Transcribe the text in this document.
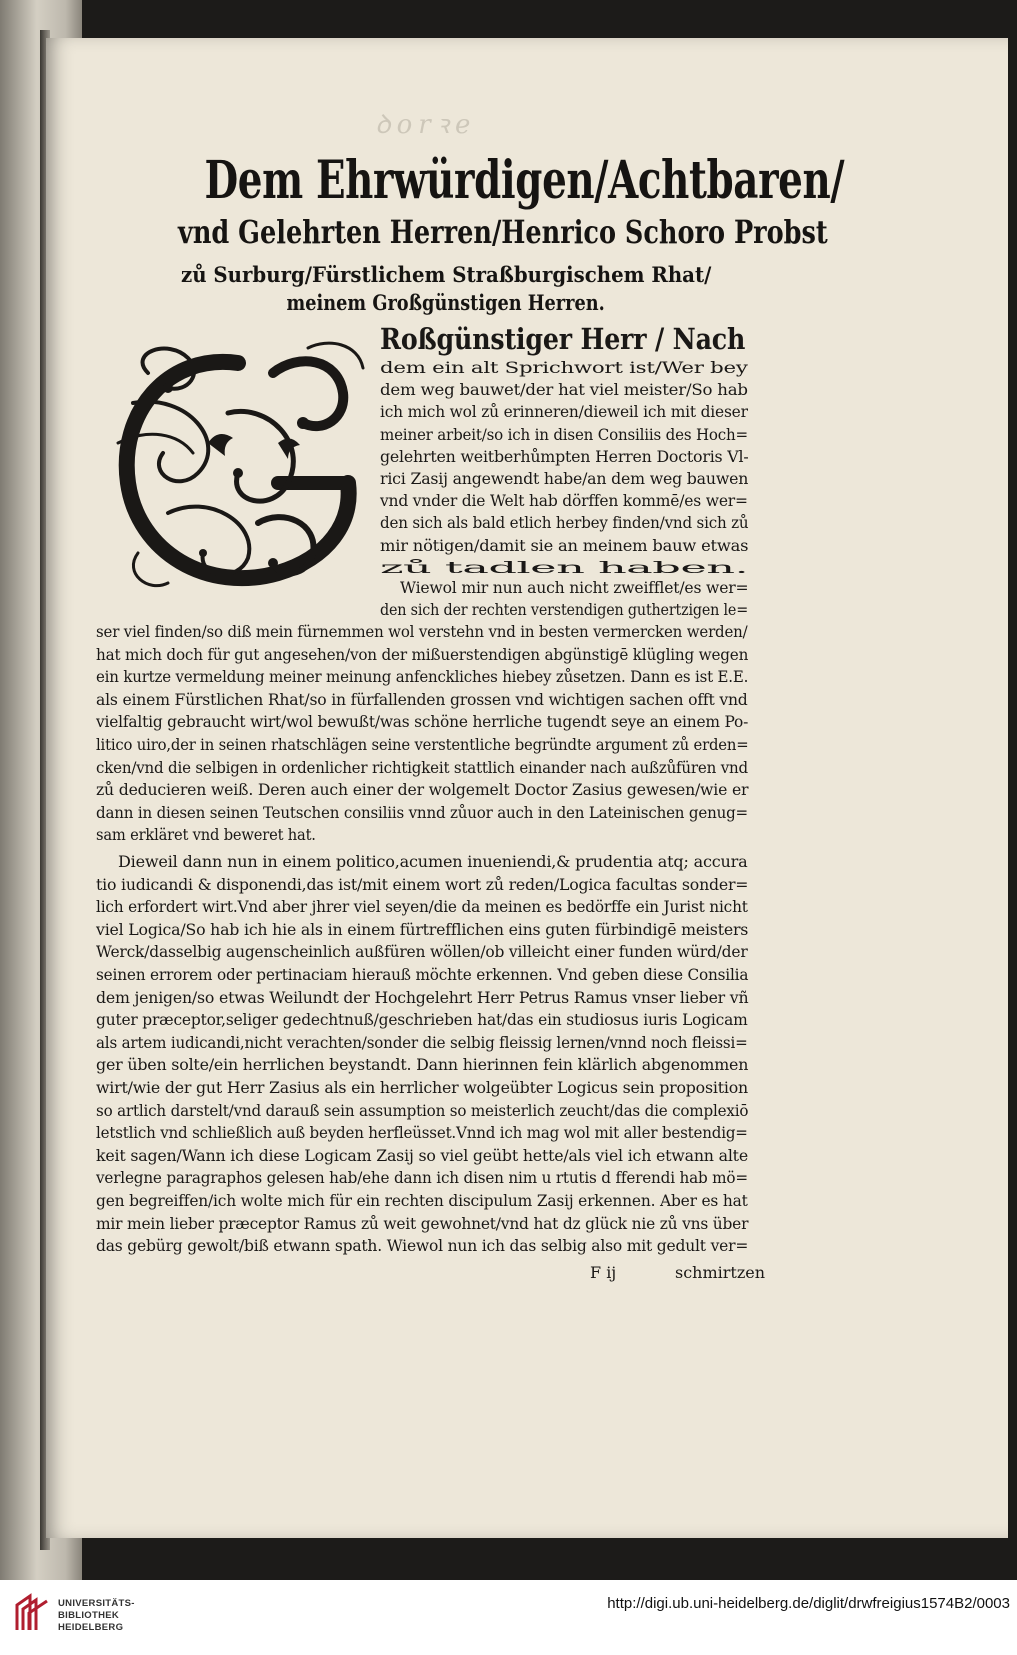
ꝺorꝛe
Dem Ehrwürdigen/Achtbaren/
vnd Gelehrten Herren/Henrico Schoro Probst
zů Surburg/Fürstlichem Straßburgischem Rhat/
meinem Großgünstigen Herren.
Roßgünstiger Herr / Nach
dem ein alt Sprichwort ist/Wer bey
dem weg bauwet/der hat viel meister/So hab
ich mich wol zů erinneren/dieweil ich mit dieser
meiner arbeit/so ich in disen Consiliis des Hoch=
gelehrten weitberhůmpten Herren Doctoris Vl-
rici Zasij angewendt habe/an dem weg bauwen
vnd vnder die Welt hab dörffen kommē/es wer=
den sich als bald etlich herbey finden/vnd sich zů
mir nötigen/damit sie an meinem bauw etwas
zů tadlen haben.
Wiewol mir nun auch nicht zweifflet/es wer=
den sich der rechten verstendigen guthertzigen le=
ser viel finden/so diß mein fürnemmen wol verstehn vnd in besten vermercken werden/
hat mich doch für gut angesehen/von der mißuerstendigen abgünstigē klügling wegen
ein kurtze vermeldung meiner meinung anfenckliches hiebey zůsetzen. Dann es ist E.E.
als einem Fürstlichen Rhat/so in fürfallenden grossen vnd wichtigen sachen offt vnd
vielfaltig gebraucht wirt/wol bewußt/was schöne herrliche tugendt seye an einem Po-
litico uiro,der in seinen rhatschlägen seine verstentliche begründte argument zů erden=
cken/vnd die selbigen in ordenlicher richtigkeit stattlich einander nach außzůfüren vnd
zů deducieren weiß. Deren auch einer der wolgemelt Doctor Zasius gewesen/wie er
dann in diesen seinen Teutschen consiliis vnnd zůuor auch in den Lateinischen genug=
sam erkläret vnd beweret hat.
Dieweil dann nun in einem politico,acumen inueniendi,& prudentia atq; accura
tio iudicandi & disponendi,das ist/mit einem wort zů reden/Logica facultas sonder=
lich erfordert wirt.Vnd aber jhrer viel seyen/die da meinen es bedörffe ein Jurist nicht
viel Logica/So hab ich hie als in einem fürtrefflichen eins guten fürbindigē meisters
Werck/dasselbig augenscheinlich außfüren wöllen/ob villeicht einer funden würd/der
seinen errorem oder pertinaciam hierauß möchte erkennen. Vnd geben diese Consilia
dem jenigen/so etwas Weilundt der Hochgelehrt Herr Petrus Ramus vnser lieber vñ
guter præceptor,seliger gedechtnuß/geschrieben hat/das ein studiosus iuris Logicam
als artem iudicandi,nicht verachten/sonder die selbig fleissig lernen/vnnd noch fleissi=
ger üben solte/ein herrlichen beystandt. Dann hierinnen fein klärlich abgenommen
wirt/wie der gut Herr Zasius als ein herrlicher wolgeübter Logicus sein proposition
so artlich darstelt/vnd darauß sein assumption so meisterlich zeucht/das die complexiō
letstlich vnd schließlich auß beyden herfleüsset.Vnnd ich mag wol mit aller bestendig=
keit sagen/Wann ich diese Logicam Zasij so viel geübt hette/als viel ich etwann alte
verlegne paragraphos gelesen hab/ehe dann ich disen nim u rtutis d fferendi hab mö=
gen begreiffen/ich wolte mich für ein rechten discipulum Zasij erkennen. Aber es hat
mir mein lieber præceptor Ramus zů weit gewohnet/vnd hat dz glück nie zů vns über
das gebürg gewolt/biß etwann spath. Wiewol nun ich das selbig also mit gedult ver=
F ij	schmirtzen
UNIVERSITÄTS-
BIBLIOTHEK
HEIDELBERG
http://digi.ub.uni-heidelberg.de/diglit/drwfreigius1574B2/0003
